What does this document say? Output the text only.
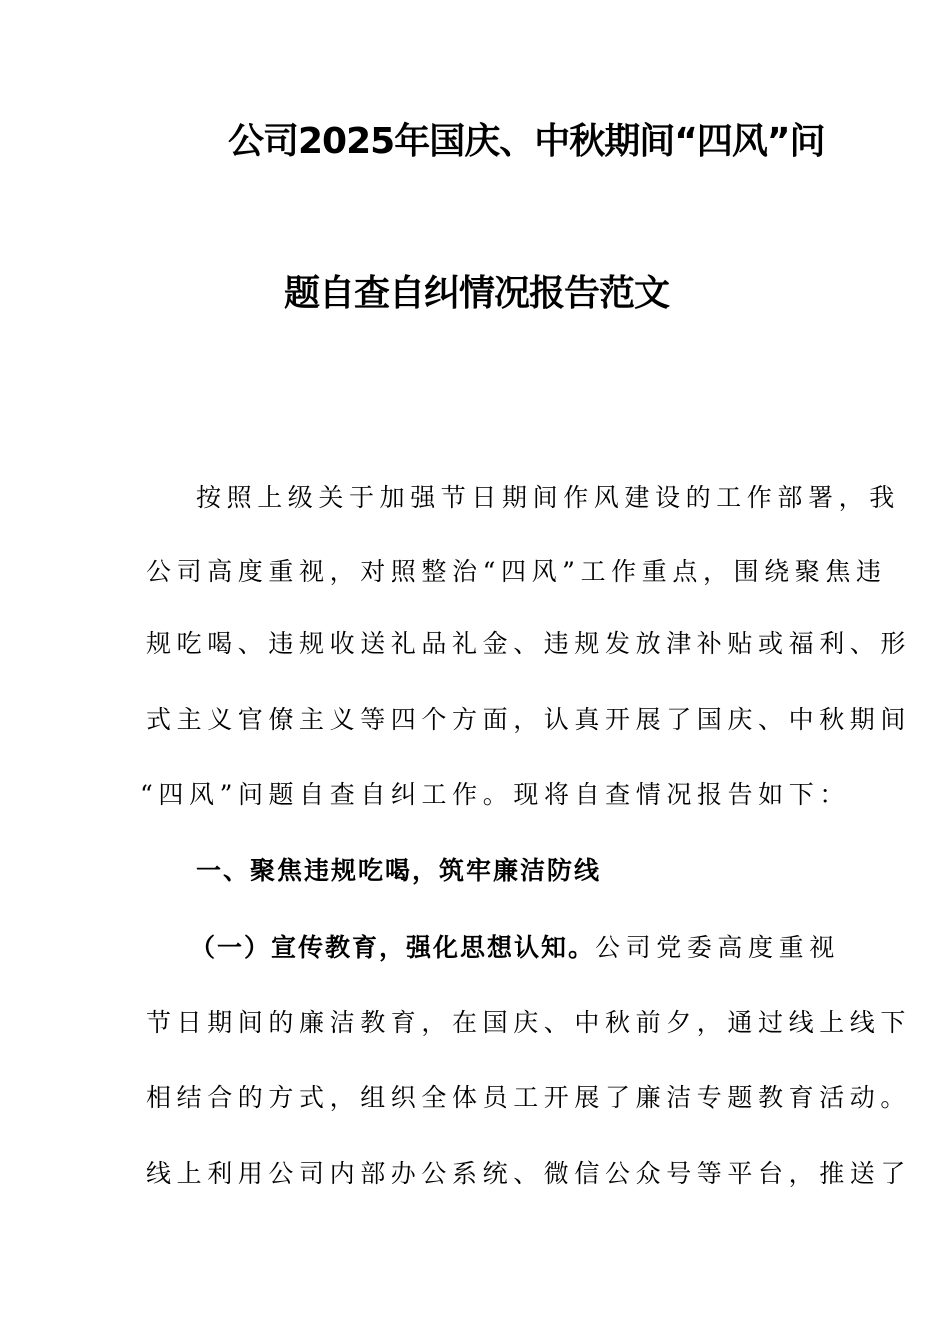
公司2025年国庆、中秋期间“四风”问
题自查自纠情况报告范文
按照上级关于加强节日期间作风建设的工作部署，我
公司高度重视，对照整治“四风”工作重点，围绕聚焦违
规吃喝、违规收送礼品礼金、违规发放津补贴或福利、形
式主义官僚主义等四个方面，认真开展了国庆、中秋期间
“四风”问题自查自纠工作。现将自查情况报告如下：
一、聚焦违规吃喝，筑牢廉洁防线
（一）宣传教育，强化思想认知。公司党委高度重视
节日期间的廉洁教育，在国庆、中秋前夕，通过线上线下
相结合的方式，组织全体员工开展了廉洁专题教育活动。
线上利用公司内部办公系统、微信公众号等平台，推送了
